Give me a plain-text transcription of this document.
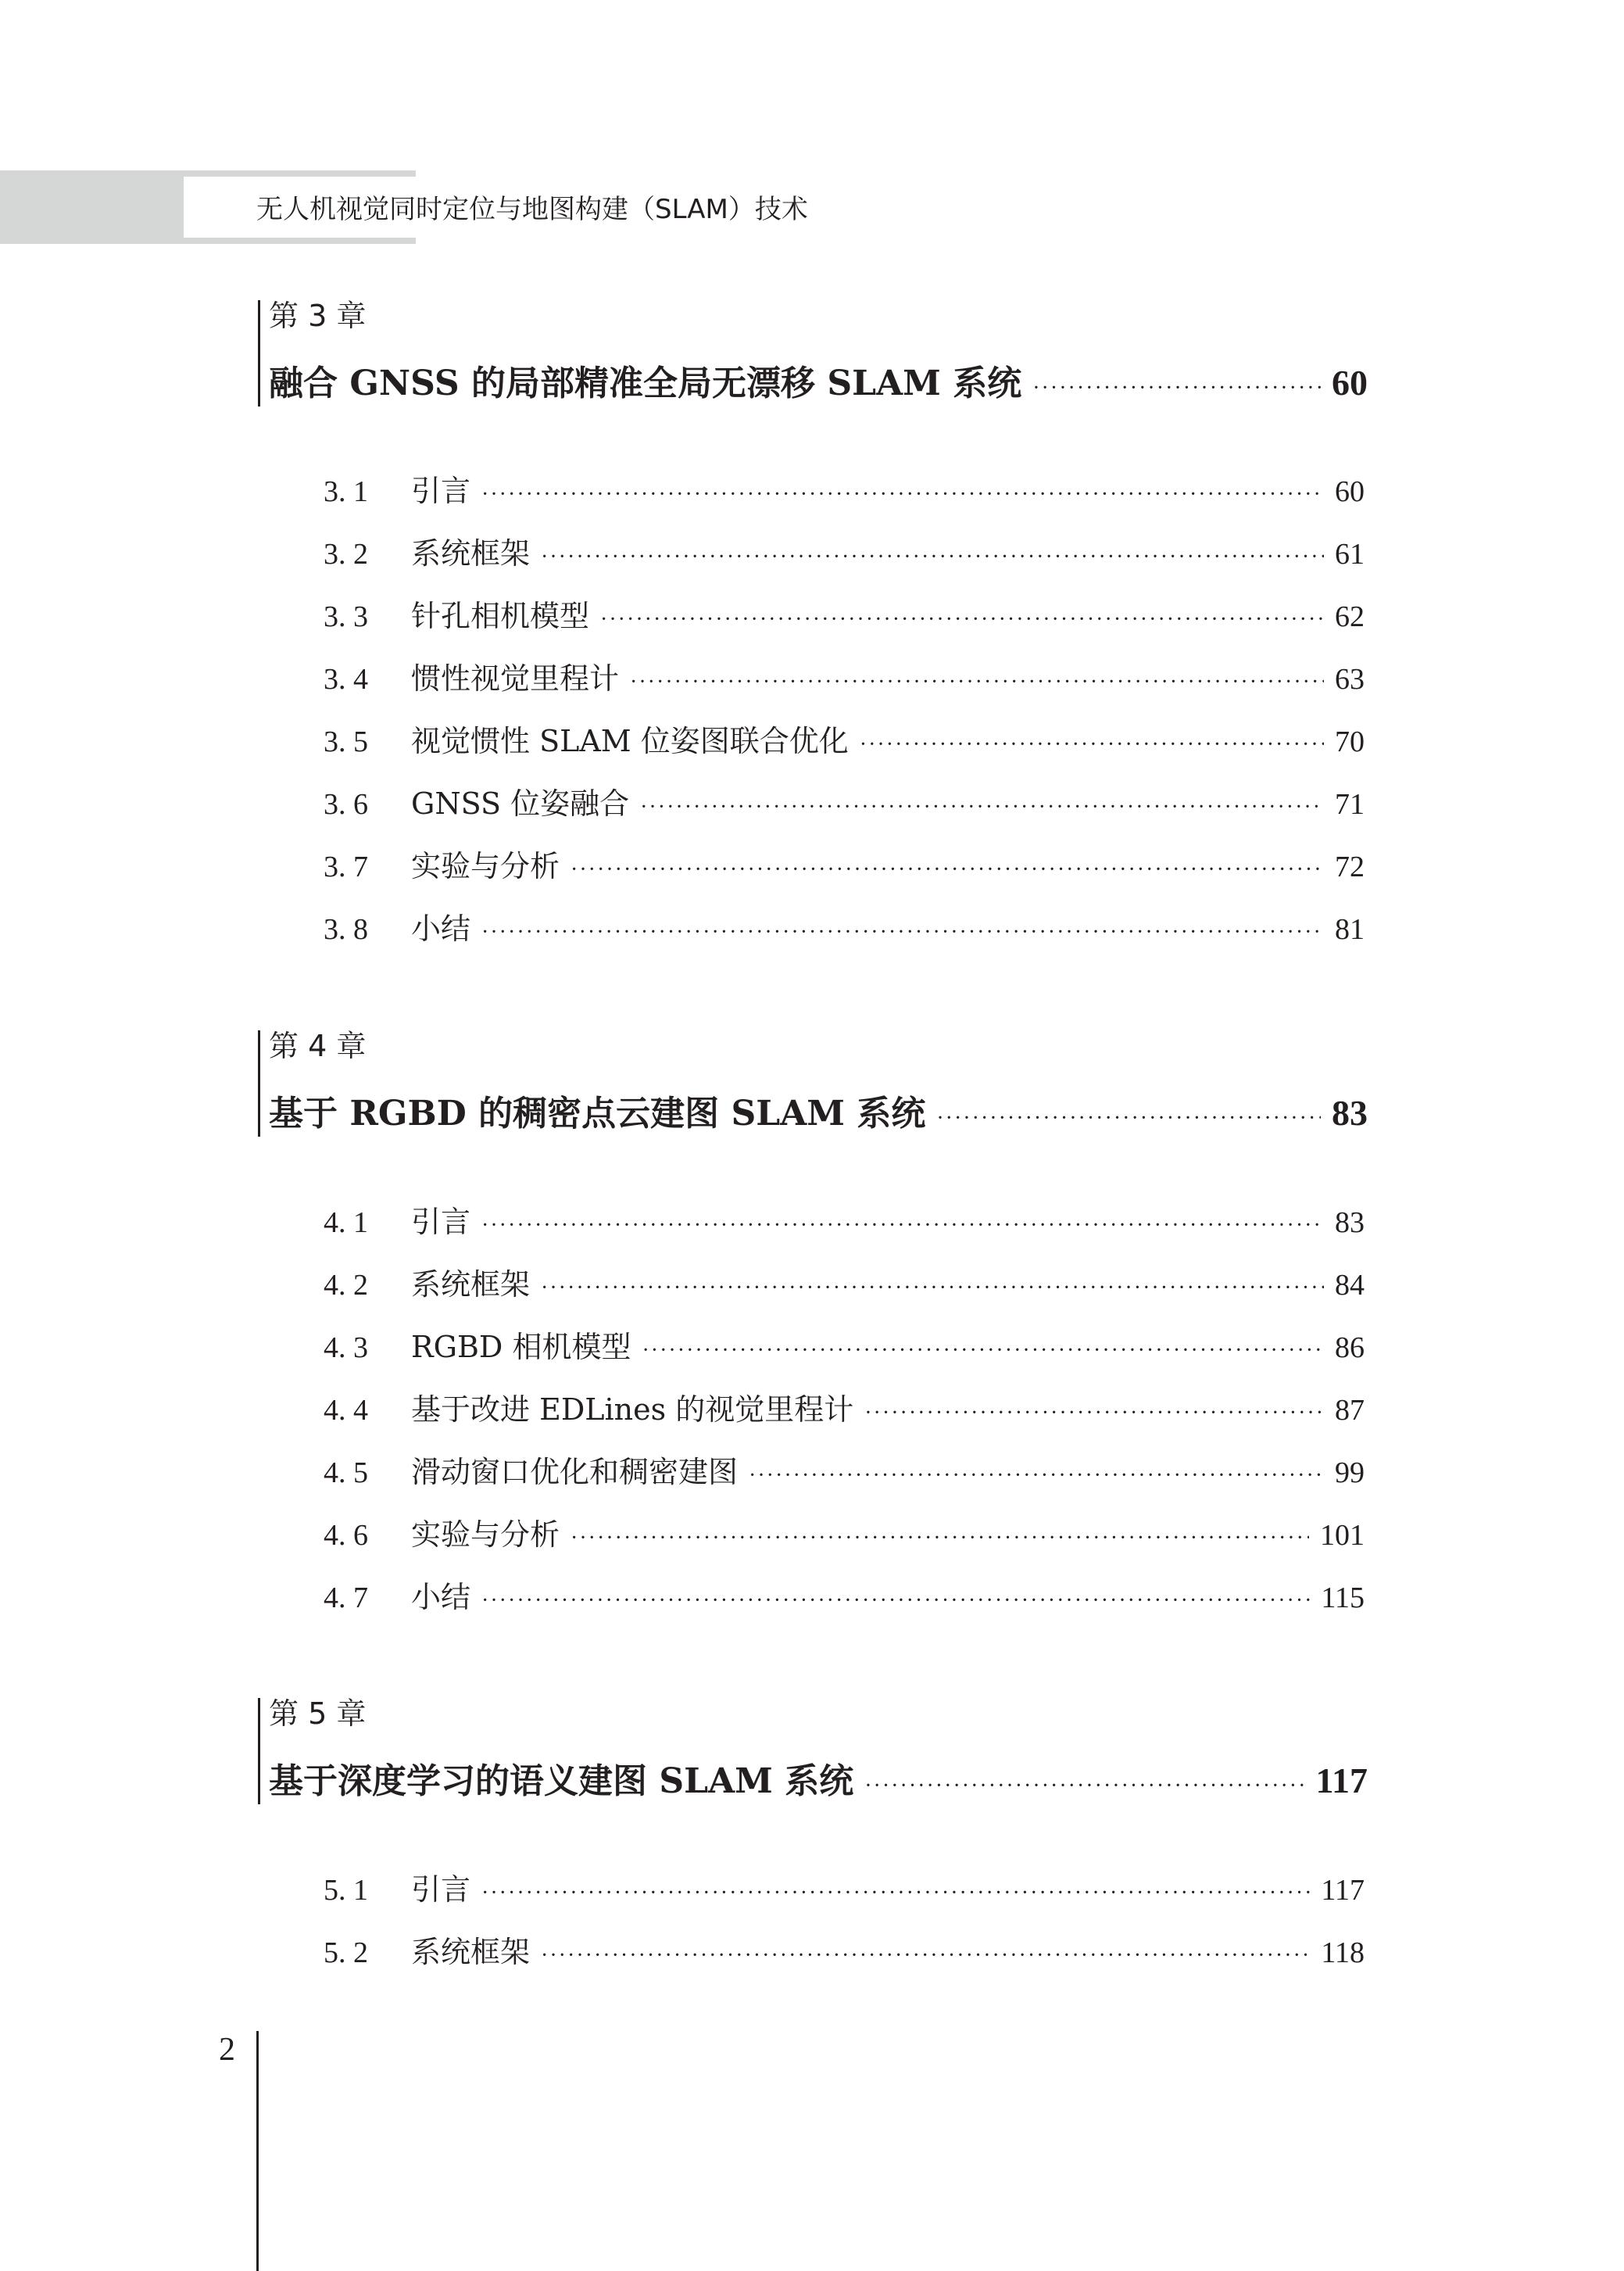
无人机视觉同时定位与地图构建（SLAM）技术
第 3 章
融合 GNSS 的局部精准全局无漂移 SLAM 系统 ·····	60
3. 1	引言 ·····	60
3. 2	系统框架 ·····	61
3. 3	针孔相机模型 ·····	62
3. 4	惯性视觉里程计 ·····	63
3. 5	视觉惯性 SLAM 位姿图联合优化 ·····	70
3. 6	GNSS 位姿融合 ·····	71
3. 7	实验与分析 ·····	72
3. 8	小结 ·····	81
第 4 章
基于 RGBD 的稠密点云建图 SLAM 系统 ·····	83
4. 1	引言 ·····	83
4. 2	系统框架 ·····	84
4. 3	RGBD 相机模型 ·····	86
4. 4	基于改进 EDLines 的视觉里程计 ·····	87
4. 5	滑动窗口优化和稠密建图 ·····	99
4. 6	实验与分析 ·····	101
4. 7	小结 ·····	115
第 5 章
基于深度学习的语义建图 SLAM 系统 ·····	117
5. 1	引言 ·····	117
5. 2	系统框架 ·····	118
2
